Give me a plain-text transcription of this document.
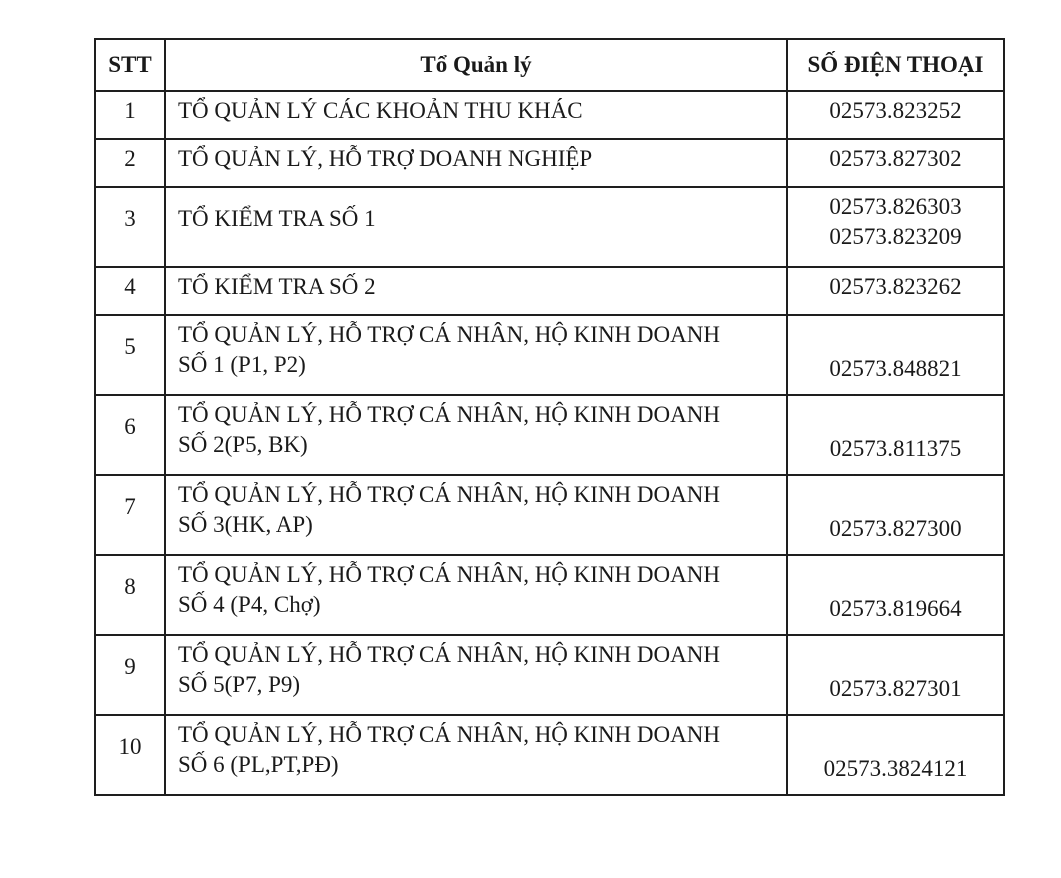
STT	Tổ Quản lý	SỐ ĐIỆN THOẠI
1	TỔ QUẢN LÝ CÁC KHOẢN THU KHÁC	02573.823252

2	TỔ QUẢN LÝ, HỖ TRỢ DOANH NGHIỆP	02573.827302

3	TỔ KIỂM TRA SỐ 1	02573.826303
02573.823209

4	TỔ KIỂM TRA SỐ 2	02573.823262

5	TỔ QUẢN LÝ, HỖ TRỢ CÁ NHÂN, HỘ KINH DOANH
SỐ 1 (P1, P2)	02573.848821

6	TỔ QUẢN LÝ, HỖ TRỢ CÁ NHÂN, HỘ KINH DOANH
SỐ 2(P5, BK)	02573.811375

7	TỔ QUẢN LÝ, HỖ TRỢ CÁ NHÂN, HỘ KINH DOANH
SỐ 3(HK, AP)	02573.827300

8	TỔ QUẢN LÝ, HỖ TRỢ CÁ NHÂN, HỘ KINH DOANH
SỐ 4 (P4, Chợ)	02573.819664

9	TỔ QUẢN LÝ, HỖ TRỢ CÁ NHÂN, HỘ KINH DOANH
SỐ 5(P7, P9)	02573.827301

10	TỔ QUẢN LÝ, HỖ TRỢ CÁ NHÂN, HỘ KINH DOANH
SỐ 6 (PL,PT,PĐ)	02573.3824121
